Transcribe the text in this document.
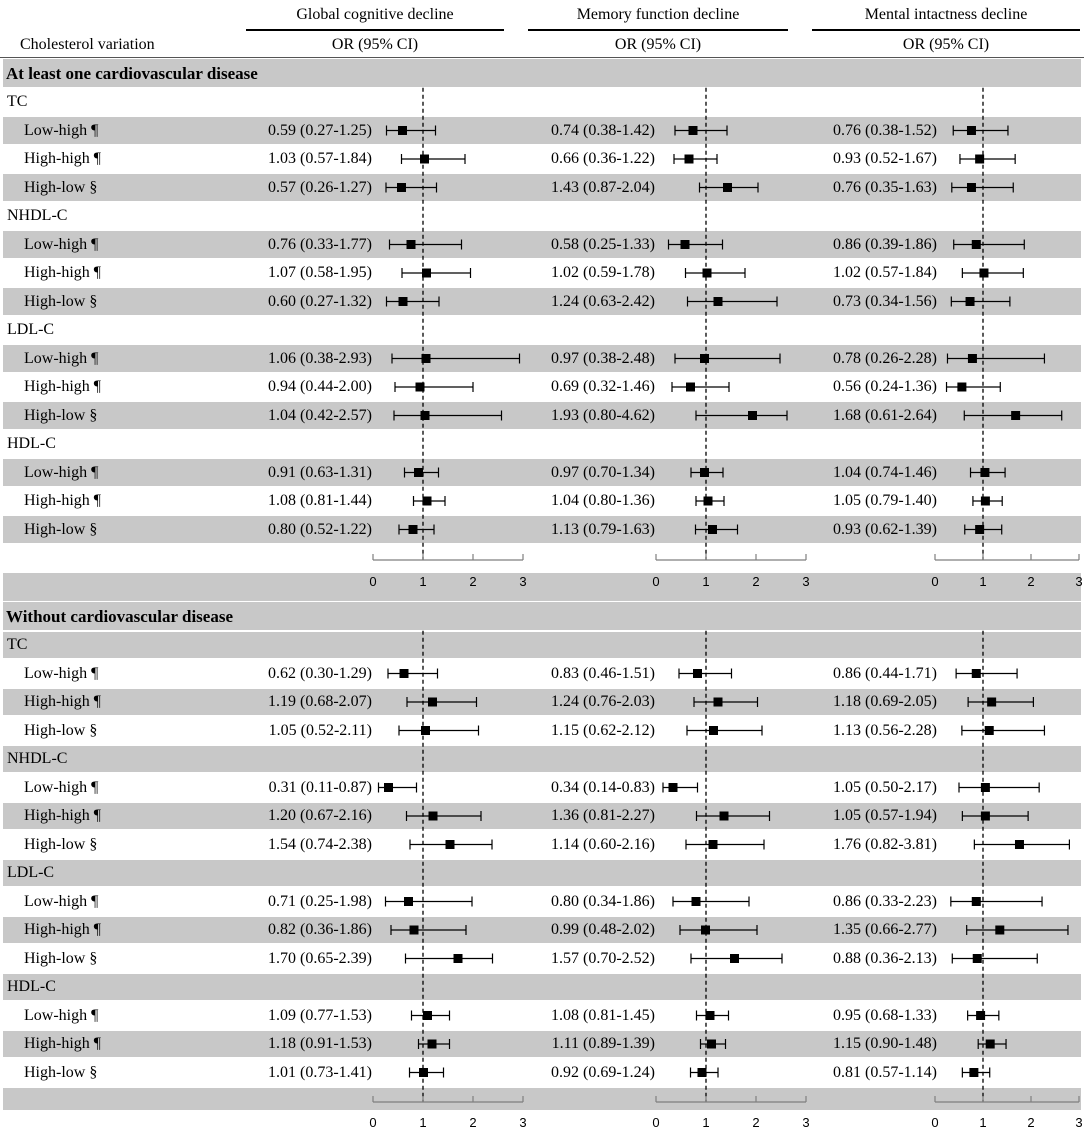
Global cognitive decline	Memory function decline	Mental intactness decline
Cholesterol variation	OR (95% CI)	OR (95% CI)	OR (95% CI)
At least one cardiovascular disease
TC
Low-high ¶	0.59 (0.27-1.25)	0.74 (0.38-1.42)	0.76 (0.38-1.52)
High-high ¶	1.03 (0.57-1.84)	0.66 (0.36-1.22)	0.93 (0.52-1.67)
High-low §	0.57 (0.26-1.27)	1.43 (0.87-2.04)	0.76 (0.35-1.63)
NHDL-C
Low-high ¶	0.76 (0.33-1.77)	0.58 (0.25-1.33)	0.86 (0.39-1.86)
High-high ¶	1.07 (0.58-1.95)	1.02 (0.59-1.78)	1.02 (0.57-1.84)
High-low §	0.60 (0.27-1.32)	1.24 (0.63-2.42)	0.73 (0.34-1.56)
LDL-C
Low-high ¶	1.06 (0.38-2.93)	0.97 (0.38-2.48)	0.78 (0.26-2.28)
High-high ¶	0.94 (0.44-2.00)	0.69 (0.32-1.46)	0.56 (0.24-1.36)
High-low §	1.04 (0.42-2.57)	1.93 (0.80-4.62)	1.68 (0.61-2.64)
HDL-C
Low-high ¶	0.91 (0.63-1.31)	0.97 (0.70-1.34)	1.04 (0.74-1.46)
High-high ¶	1.08 (0.81-1.44)	1.04 (0.80-1.36)	1.05 (0.79-1.40)
High-low §	0.80 (0.52-1.22)	1.13 (0.79-1.63)	0.93 (0.62-1.39)
Without cardiovascular disease
TC
Low-high ¶	0.62 (0.30-1.29)	0.83 (0.46-1.51)	0.86 (0.44-1.71)
High-high ¶	1.19 (0.68-2.07)	1.24 (0.76-2.03)	1.18 (0.69-2.05)
High-low §	1.05 (0.52-2.11)	1.15 (0.62-2.12)	1.13 (0.56-2.28)
NHDL-C
Low-high ¶	0.31 (0.11-0.87)	0.34 (0.14-0.83)	1.05 (0.50-2.17)
High-high ¶	1.20 (0.67-2.16)	1.36 (0.81-2.27)	1.05 (0.57-1.94)
High-low §	1.54 (0.74-2.38)	1.14 (0.60-2.16)	1.76 (0.82-3.81)
LDL-C
Low-high ¶	0.71 (0.25-1.98)	0.80 (0.34-1.86)	0.86 (0.33-2.23)
High-high ¶	0.82 (0.36-1.86)	0.99 (0.48-2.02)	1.35 (0.66-2.77)
High-low §	1.70 (0.65-2.39)	1.57 (0.70-2.52)	0.88 (0.36-2.13)
HDL-C
Low-high ¶	1.09 (0.77-1.53)	1.08 (0.81-1.45)	0.95 (0.68-1.33)
High-high ¶	1.18 (0.91-1.53)	1.11 (0.89-1.39)	1.15 (0.90-1.48)
High-low §	1.01 (0.73-1.41)	0.92 (0.69-1.24)	0.81 (0.57-1.14)
0	1	2	3	0	1	2	3	0	1	2	3
0	1	2	3	0	1	2	3	0	1	2	3
